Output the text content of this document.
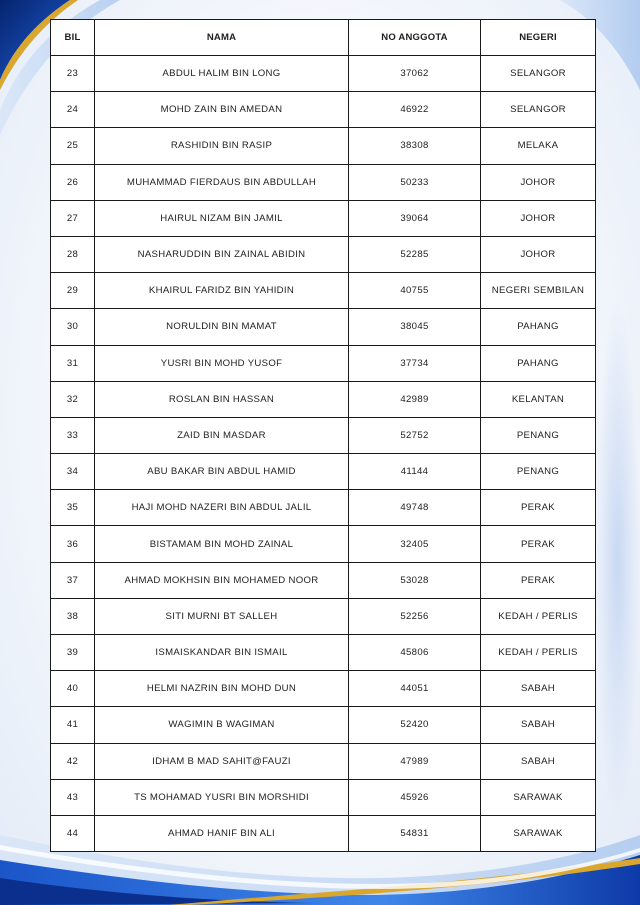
BIL	NAMA	NO ANGGOTA	NEGERI
23	ABDUL HALIM BIN LONG	37062	SELANGOR
24	MOHD ZAIN BIN AMEDAN	46922	SELANGOR
25	RASHIDIN BIN RASIP	38308	MELAKA
26	MUHAMMAD FIERDAUS BIN ABDULLAH	50233	JOHOR
27	HAIRUL NIZAM BIN JAMIL	39064	JOHOR
28	NASHARUDDIN BIN ZAINAL ABIDIN	52285	JOHOR
29	KHAIRUL FARIDZ BIN YAHIDIN	40755	NEGERI SEMBILAN
30	NORULDIN BIN MAMAT	38045	PAHANG
31	YUSRI BIN MOHD YUSOF	37734	PAHANG
32	ROSLAN BIN HASSAN	42989	KELANTAN
33	ZAID BIN MASDAR	52752	PENANG
34	ABU BAKAR BIN ABDUL HAMID	41144	PENANG
35	HAJI MOHD NAZERI BIN ABDUL JALIL	49748	PERAK
36	BISTAMAM BIN MOHD ZAINAL	32405	PERAK
37	AHMAD MOKHSIN BIN MOHAMED NOOR	53028	PERAK
38	SITI MURNI BT SALLEH	52256	KEDAH / PERLIS
39	ISMAISKANDAR BIN ISMAIL	45806	KEDAH / PERLIS
40	HELMI NAZRIN BIN MOHD DUN	44051	SABAH
41	WAGIMIN B WAGIMAN	52420	SABAH
42	IDHAM B MAD SAHIT@FAUZI	47989	SABAH
43	TS MOHAMAD YUSRI BIN MORSHIDI	45926	SARAWAK
44	AHMAD HANIF BIN ALI	54831	SARAWAK
